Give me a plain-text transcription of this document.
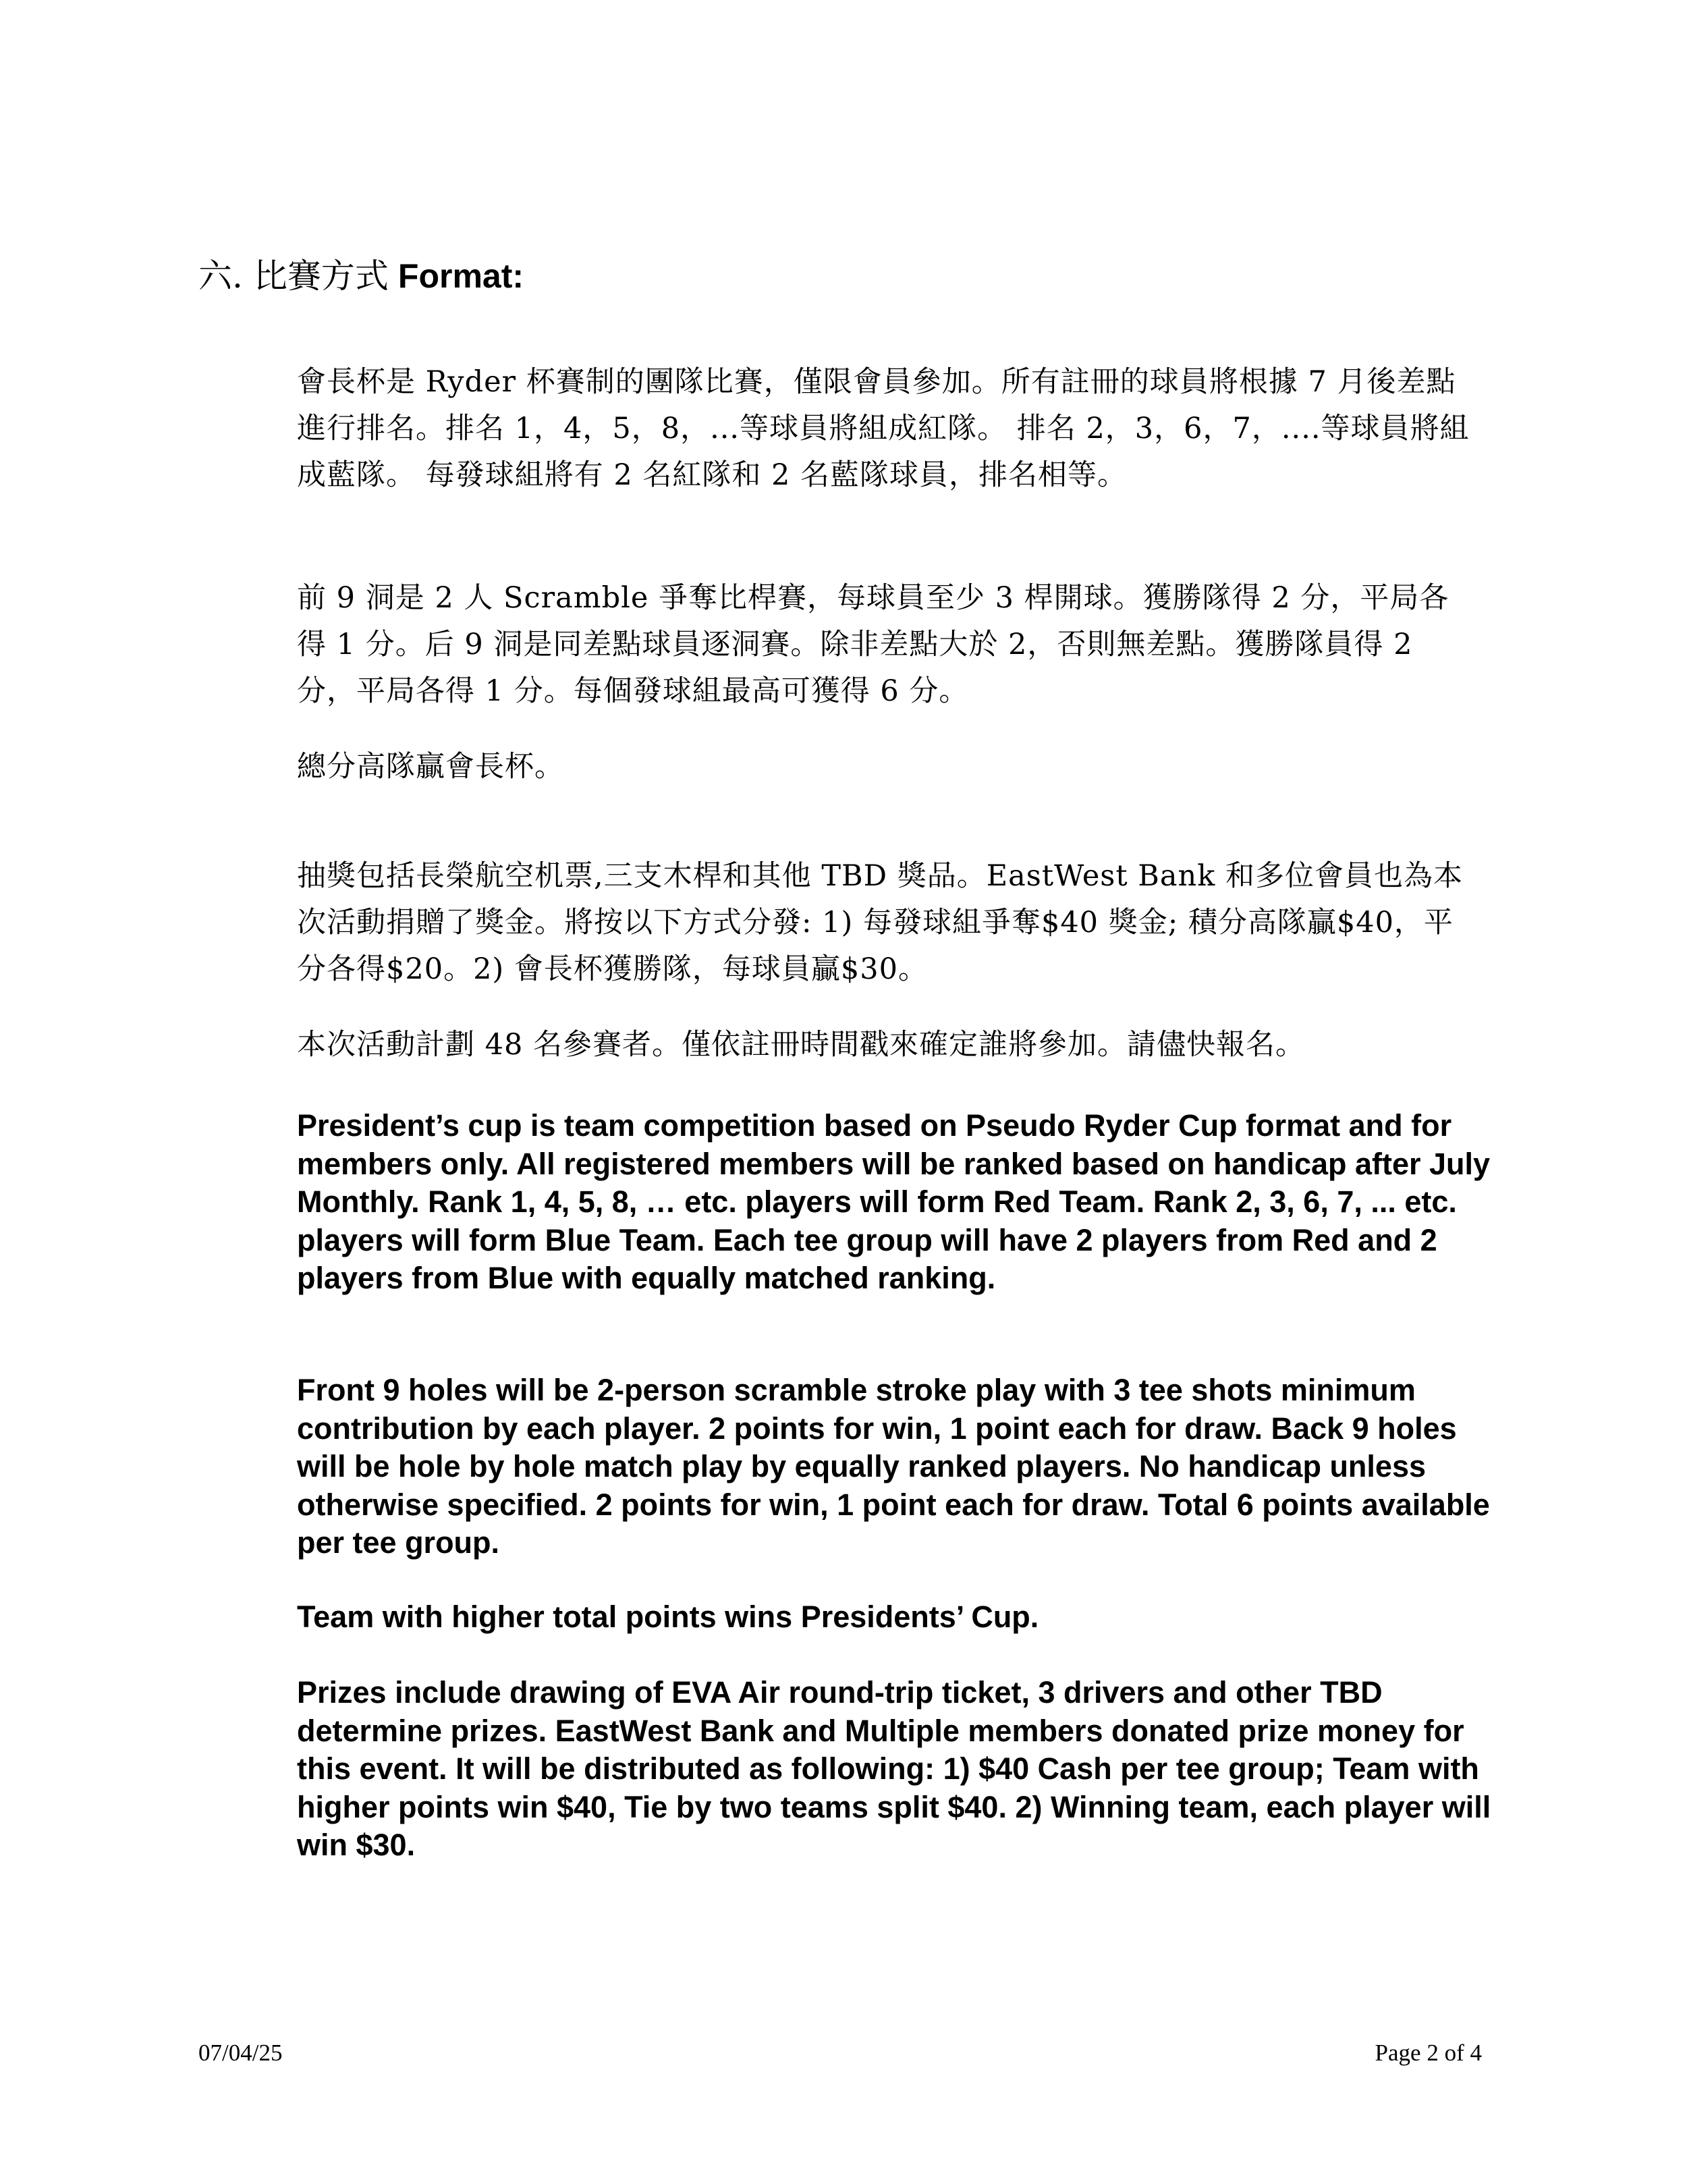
六. 比賽方式 Format:

會長杯是 Ryder 杯賽制的團隊比賽，僅限會員參加。所有註冊的球員將根據 7 月後差點進行排名。排名 1，4，5，8，...等球員將組成紅隊。 排名 2，3，6，7，....等球員將組成藍隊。 每發球組將有 2 名紅隊和 2 名藍隊球員，排名相等。

前 9 洞是 2 人 Scramble 爭奪比桿賽，每球員至少 3 桿開球。獲勝隊得 2 分，平局各得 1 分。后 9 洞是同差點球員逐洞賽。除非差點大於 2，否則無差點。獲勝隊員得 2 分，平局各得 1 分。每個發球組最高可獲得 6 分。

總分高隊贏會長杯。

抽獎包括長榮航空机票,三支木桿和其他 TBD 獎品。EastWest Bank 和多位會員也為本次活動捐贈了獎金。將按以下方式分發: 1) 每發球組爭奪$40 獎金; 積分高隊贏$40，平分各得$20。2) 會長杯獲勝隊，每球員贏$30。

本次活動計劃 48 名參賽者。僅依註冊時間戳來確定誰將參加。請儘快報名。

President’s cup is team competition based on Pseudo Ryder Cup format and for members only. All registered members will be ranked based on handicap after July Monthly. Rank 1, 4, 5, 8, … etc. players will form Red Team. Rank 2, 3, 6, 7, ... etc. players will form Blue Team. Each tee group will have 2 players from Red and 2 players from Blue with equally matched ranking.

Front 9 holes will be 2-person scramble stroke play with 3 tee shots minimum contribution by each player. 2 points for win, 1 point each for draw. Back 9 holes will be hole by hole match play by equally ranked players. No handicap unless otherwise specified. 2 points for win, 1 point each for draw. Total 6 points available per tee group.

Team with higher total points wins Presidents’ Cup.

Prizes include drawing of EVA Air round-trip ticket, 3 drivers and other TBD determine prizes. EastWest Bank and Multiple members donated prize money for this event. It will be distributed as following: 1) $40 Cash per tee group; Team with higher points win $40, Tie by two teams split $40. 2) Winning team, each player will win $30.

07/04/25	Page 2 of 4
